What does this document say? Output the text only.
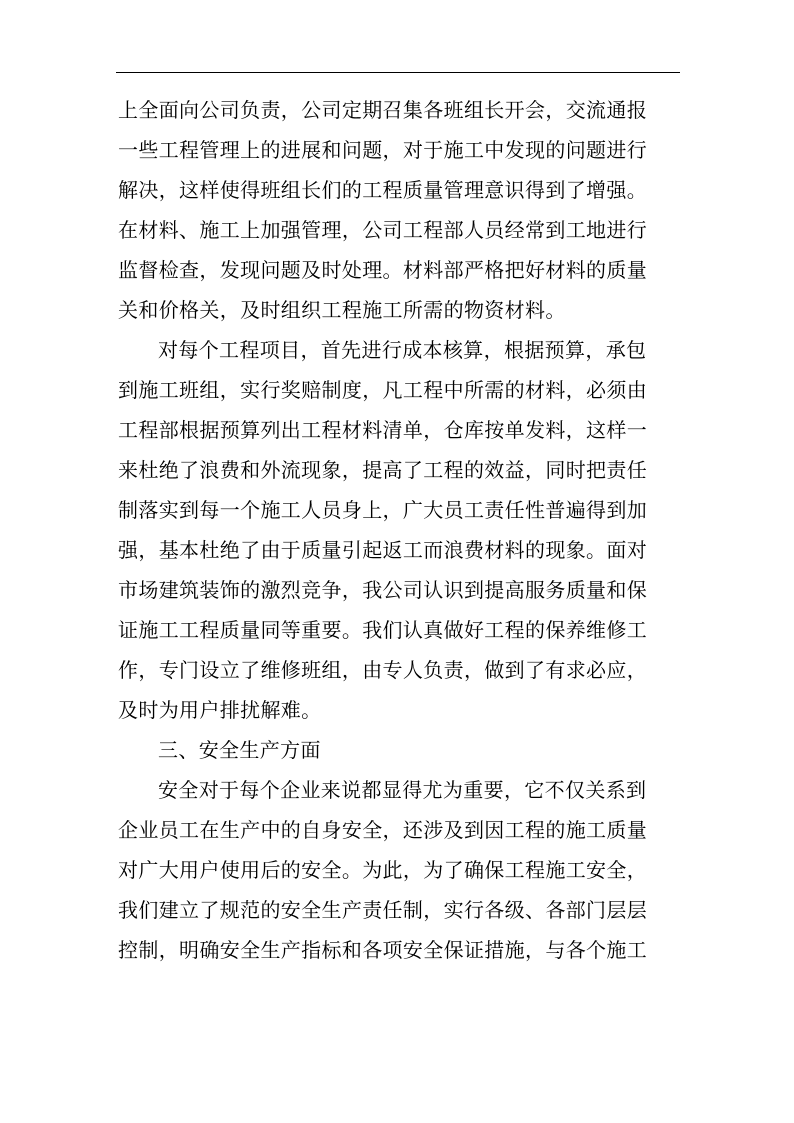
上全面向公司负责，公司定期召集各班组长开会，交流通报
一些工程管理上的进展和问题，对于施工中发现的问题进行
解决，这样使得班组长们的工程质量管理意识得到了增强。
在材料、施工上加强管理，公司工程部人员经常到工地进行
监督检查，发现问题及时处理。材料部严格把好材料的质量
关和价格关，及时组织工程施工所需的物资材料。
对每个工程项目，首先进行成本核算，根据预算，承包
到施工班组，实行奖赔制度，凡工程中所需的材料，必须由
工程部根据预算列出工程材料清单，仓库按单发料，这样一
来杜绝了浪费和外流现象，提高了工程的效益，同时把责任
制落实到每一个施工人员身上，广大员工责任性普遍得到加
强，基本杜绝了由于质量引起返工而浪费材料的现象。面对
市场建筑装饰的激烈竞争，我公司认识到提高服务质量和保
证施工工程质量同等重要。我们认真做好工程的保养维修工
作，专门设立了维修班组，由专人负责，做到了有求必应，
及时为用户排扰解难。
三、安全生产方面
安全对于每个企业来说都显得尤为重要，它不仅关系到
企业员工在生产中的自身安全，还涉及到因工程的施工质量
对广大用户使用后的安全。为此，为了确保工程施工安全，
我们建立了规范的安全生产责任制，实行各级、各部门层层
控制，明确安全生产指标和各项安全保证措施，与各个施工
